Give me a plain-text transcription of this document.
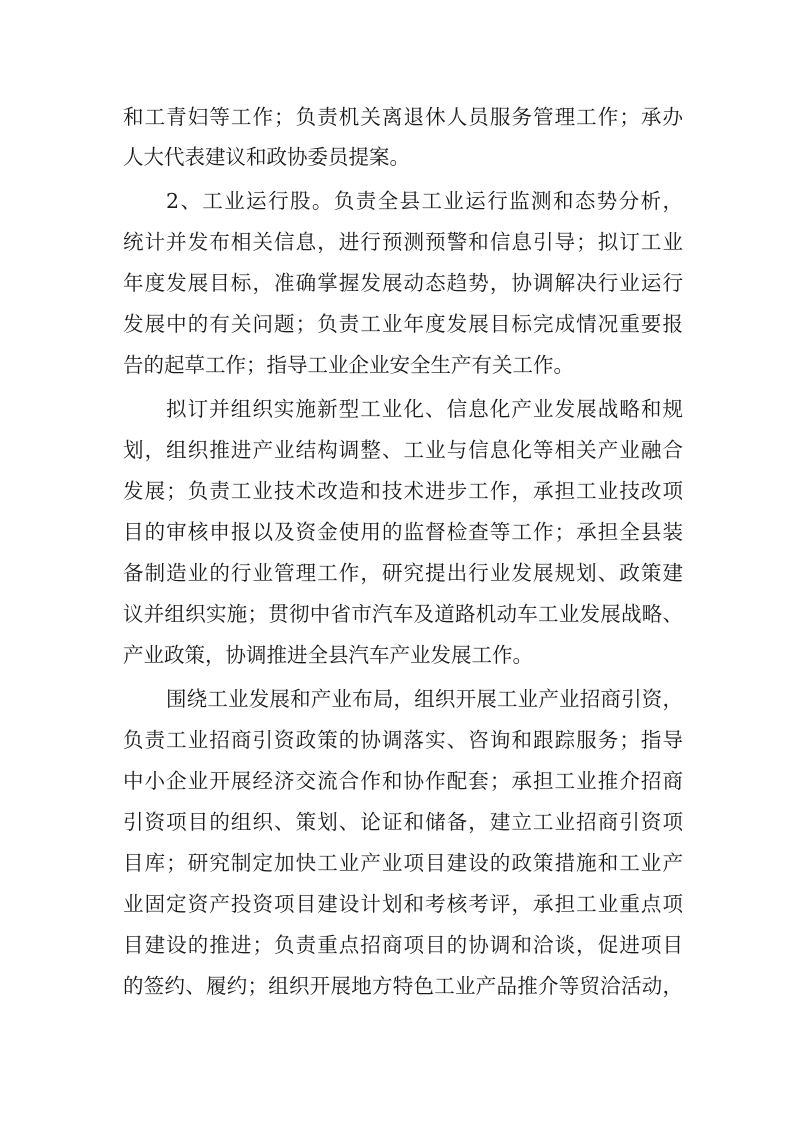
和工青妇等工作；负责机关离退休人员服务管理工作；承办
人大代表建议和政协委员提案。
2、工业运行股。负责全县工业运行监测和态势分析，
统计并发布相关信息，进行预测预警和信息引导；拟订工业
年度发展目标，准确掌握发展动态趋势，协调解决行业运行
发展中的有关问题；负责工业年度发展目标完成情况重要报
告的起草工作；指导工业企业安全生产有关工作。
拟订并组织实施新型工业化、信息化产业发展战略和规
划，组织推进产业结构调整、工业与信息化等相关产业融合
发展；负责工业技术改造和技术进步工作，承担工业技改项
目的审核申报以及资金使用的监督检查等工作；承担全县装
备制造业的行业管理工作，研究提出行业发展规划、政策建
议并组织实施；贯彻中省市汽车及道路机动车工业发展战略、
产业政策，协调推进全县汽车产业发展工作。
围绕工业发展和产业布局，组织开展工业产业招商引资，
负责工业招商引资政策的协调落实、咨询和跟踪服务；指导
中小企业开展经济交流合作和协作配套；承担工业推介招商
引资项目的组织、策划、论证和储备，建立工业招商引资项
目库；研究制定加快工业产业项目建设的政策措施和工业产
业固定资产投资项目建设计划和考核考评，承担工业重点项
目建设的推进；负责重点招商项目的协调和洽谈，促进项目
的签约、履约；组织开展地方特色工业产品推介等贸洽活动，
